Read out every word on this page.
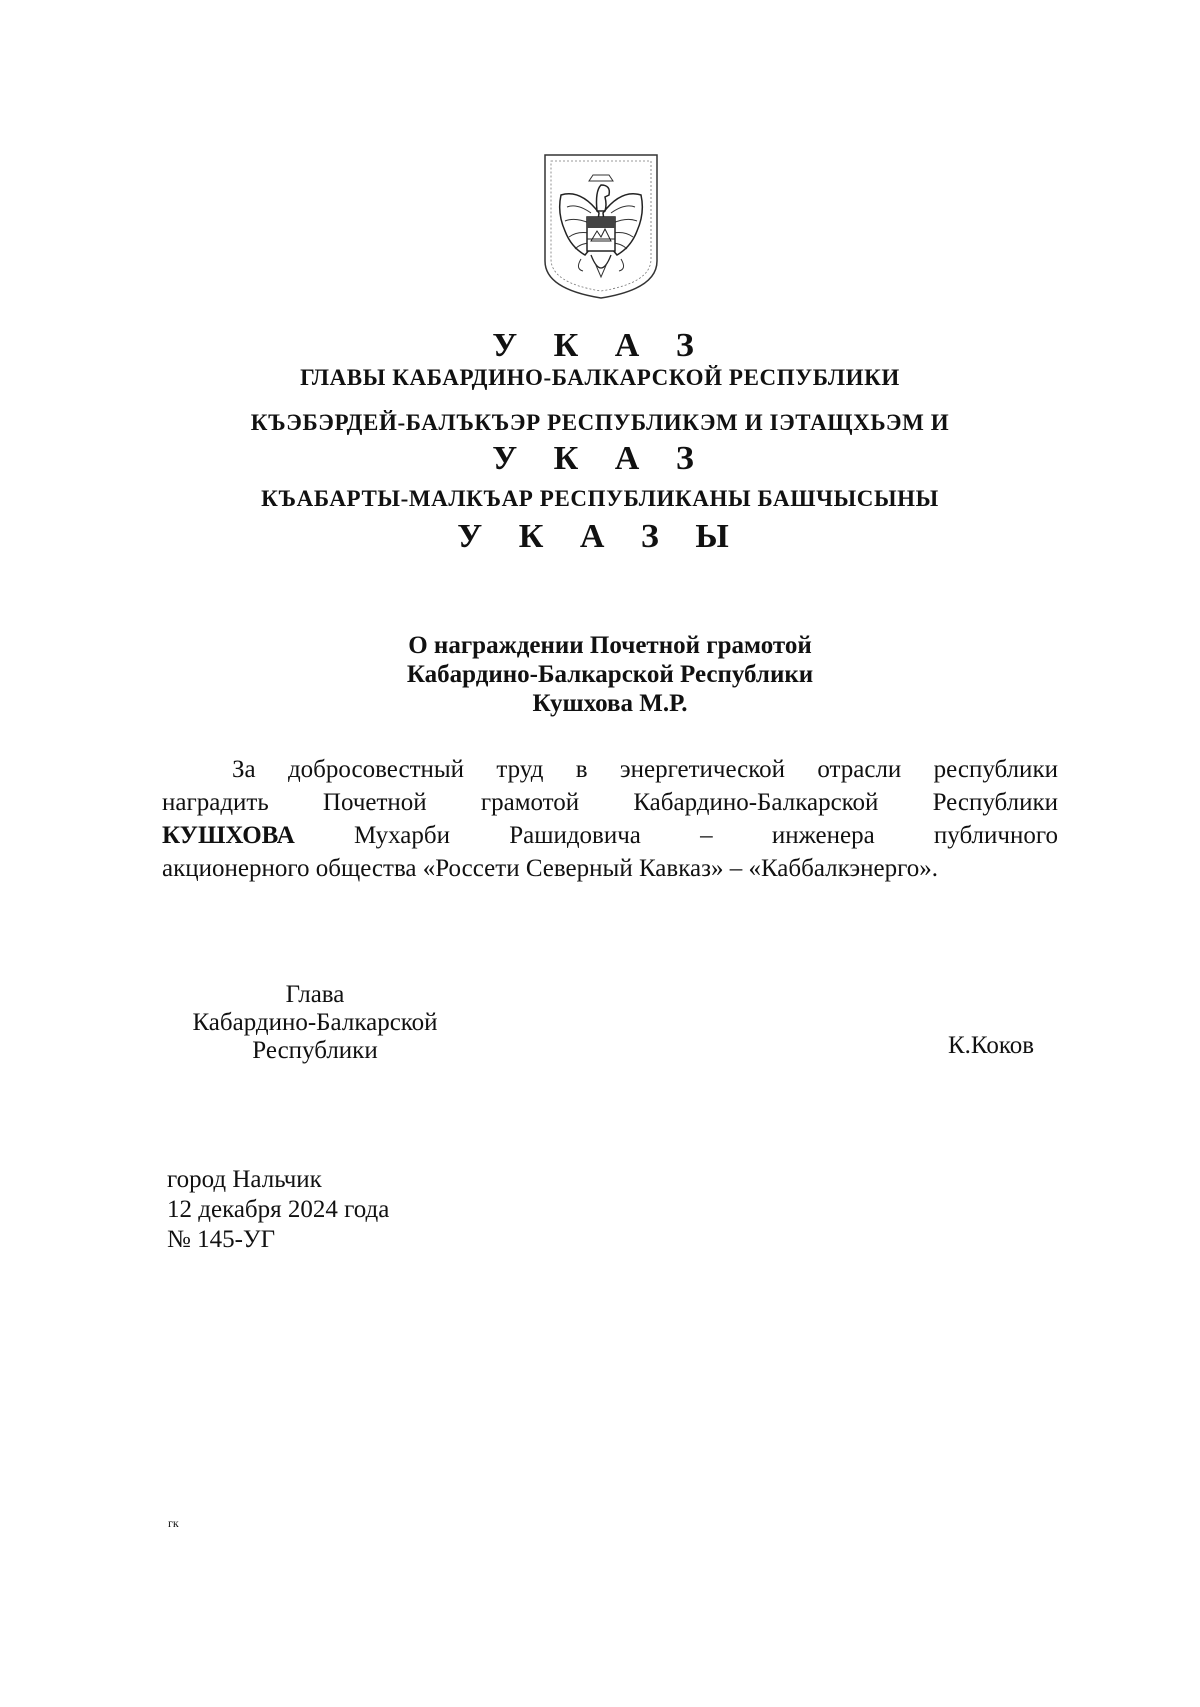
У К А З
ГЛАВЫ КАБАРДИНО-БАЛКАРСКОЙ РЕСПУБЛИКИ
КЪЭБЭРДЕЙ-БАЛЪКЪЭР РЕСПУБЛИКЭМ И IЭТАЩХЬЭМ И
У К А З
КЪАБАРТЫ-МАЛКЪАР РЕСПУБЛИКАНЫ БАШЧЫСЫНЫ
У К А З Ы
О награждении Почетной грамотой
Кабардино-Балкарской Республики
Кушхова М.Р.
За добросовестный труд в энергетической отрасли республики
наградить Почетной грамотой Кабардино-Балкарской Республики
КУШХОВА Мухарби Рашидовича – инженера публичного
акционерного общества «Россети Северный Кавказ» – «Каббалкэнерго».
Глава
Кабардино-Балкарской
Республики	К.Коков
город Нальчик
12 декабря 2024 года
№ 145-УГ
гк
